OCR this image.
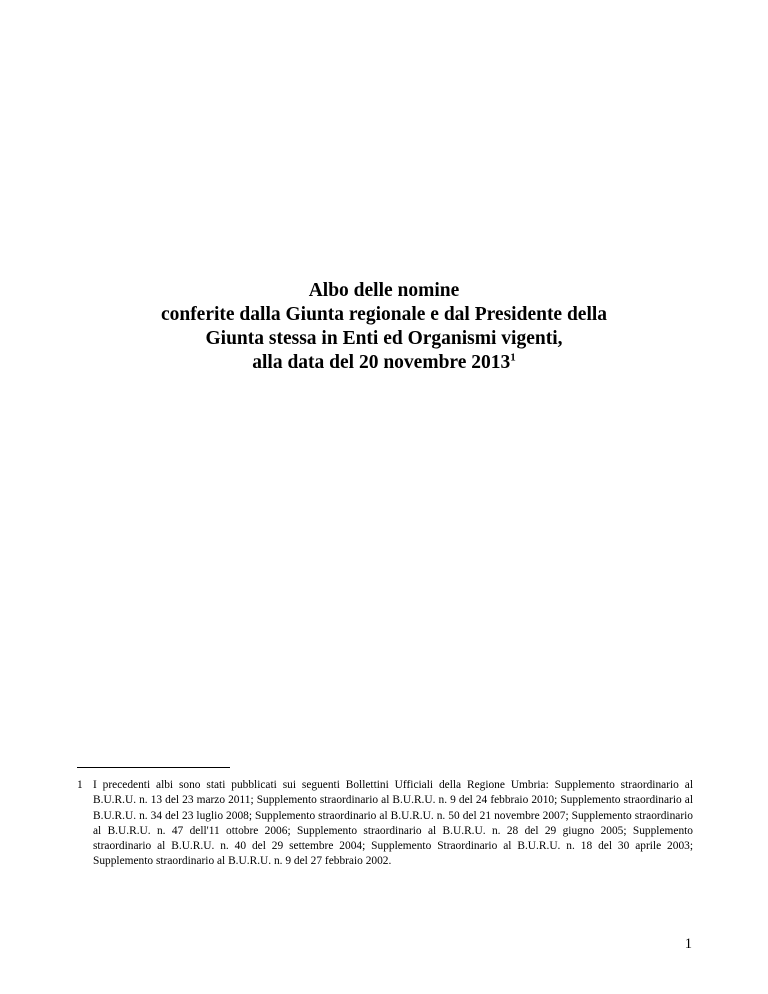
Albo delle nomine
conferite dalla Giunta regionale e dal Presidente della
Giunta stessa in Enti ed Organismi vigenti,
alla data del 20 novembre 2013$^1$
1 I precedenti albi sono stati pubblicati sui seguenti Bollettini Ufficiali della Regione Umbria: Supplemento straordinario al B.U.R.U. n. 13 del 23 marzo 2011; Supplemento straordinario al B.U.R.U. n. 9 del 24 febbraio 2010; Supplemento straordinario al B.U.R.U. n. 34 del 23 luglio 2008; Supplemento straordinario al B.U.R.U. n. 50 del 21 novembre 2007; Supplemento straordinario al B.U.R.U. n. 47 dell'11 ottobre 2006; Supplemento straordinario al B.U.R.U. n. 28 del 29 giugno 2005; Supplemento straordinario al B.U.R.U. n. 40 del 29 settembre 2004; Supplemento Straordinario al B.U.R.U. n. 18 del 30 aprile 2003; Supplemento straordinario al B.U.R.U. n. 9 del 27 febbraio 2002.
1
